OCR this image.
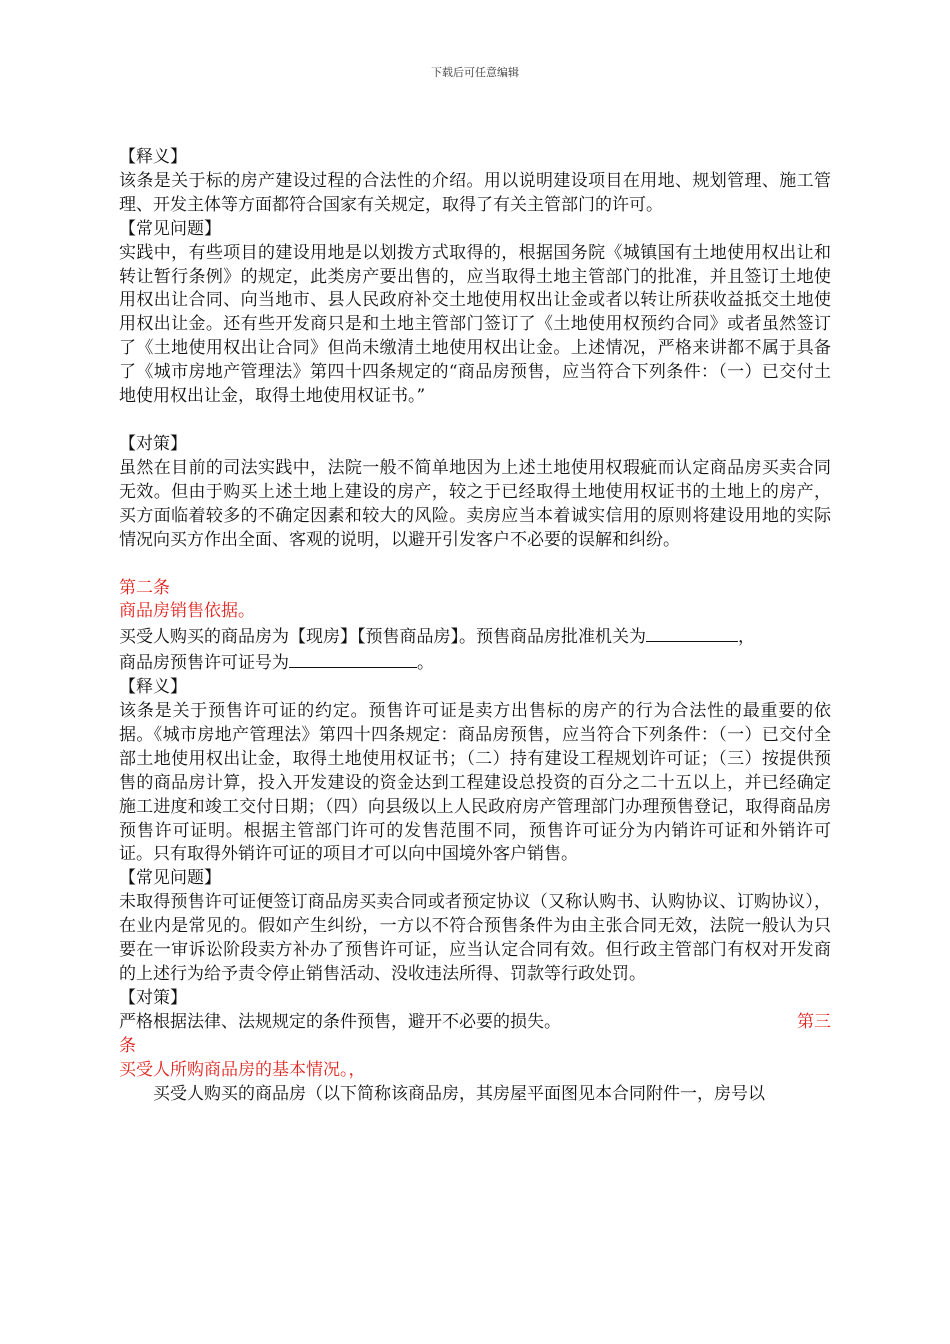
下载后可任意编辑

【释义】

该条是关于标的房产建设过程的合法性的介绍。用以说明建设项目在用地、规划管理、施工管理、开发主体等方面都符合国家有关规定，取得了有关主管部门的许可。

【常见问题】

实践中，有些项目的建设用地是以划拨方式取得的，根据国务院《城镇国有土地使用权出让和转让暂行条例》的规定，此类房产要出售的，应当取得土地主管部门的批准，并且签订土地使用权出让合同、向当地市、县人民政府补交土地使用权出让金或者以转让所获收益抵交土地使用权出让金。还有些开发商只是和土地主管部门签订了《土地使用权预约合同》或者虽然签订了《土地使用权出让合同》但尚未缴清土地使用权出让金。上述情况，严格来讲都不属于具备了《城市房地产管理法》第四十四条规定的“商品房预售，应当符合下列条件：（一）已交付土地使用权出让金，取得土地使用权证书。”

【对策】

虽然在目前的司法实践中，法院一般不简单地因为上述土地使用权瑕疵而认定商品房买卖合同无效。但由于购买上述土地上建设的房产，较之于已经取得土地使用权证书的土地上的房产，买方面临着较多的不确定因素和较大的风险。卖房应当本着诚实信用的原则将建设用地的实际情况向买方作出全面、客观的说明，以避开引发客户不必要的误解和纠纷。

第二条

商品房销售依据。

买受人购买的商品房为【现房】【预售商品房】。预售商品房批准机关为	，

商品房预售许可证号为	。

【释义】

该条是关于预售许可证的约定。预售许可证是卖方出售标的房产的行为合法性的最重要的依据。《城市房地产管理法》第四十四条规定：商品房预售，应当符合下列条件：（一）已交付全部土地使用权出让金，取得土地使用权证书；（二）持有建设工程规划许可证；（三）按提供预售的商品房计算，投入开发建设的资金达到工程建设总投资的百分之二十五以上，并已经确定施工进度和竣工交付日期；（四）向县级以上人民政府房产管理部门办理预售登记，取得商品房预售许可证明。根据主管部门许可的发售范围不同，预售许可证分为内销许可证和外销许可证。只有取得外销许可证的项目才可以向中国境外客户销售。

【常见问题】

未取得预售许可证便签订商品房买卖合同或者预定协议（又称认购书、认购协议、订购协议），在业内是常见的。假如产生纠纷，一方以不符合预售条件为由主张合同无效，法院一般认为只要在一审诉讼阶段卖方补办了预售许可证，应当认定合同有效。但行政主管部门有权对开发商的上述行为给予责令停止销售活动、没收违法所得、罚款等行政处罚。

【对策】

严格根据法律、法规规定的条件预售，避开不必要的损失。	第三

条

买受人所购商品房的基本情况。，

买受人购买的商品房（以下简称该商品房，其房屋平面图见本合同附件一，房号以
